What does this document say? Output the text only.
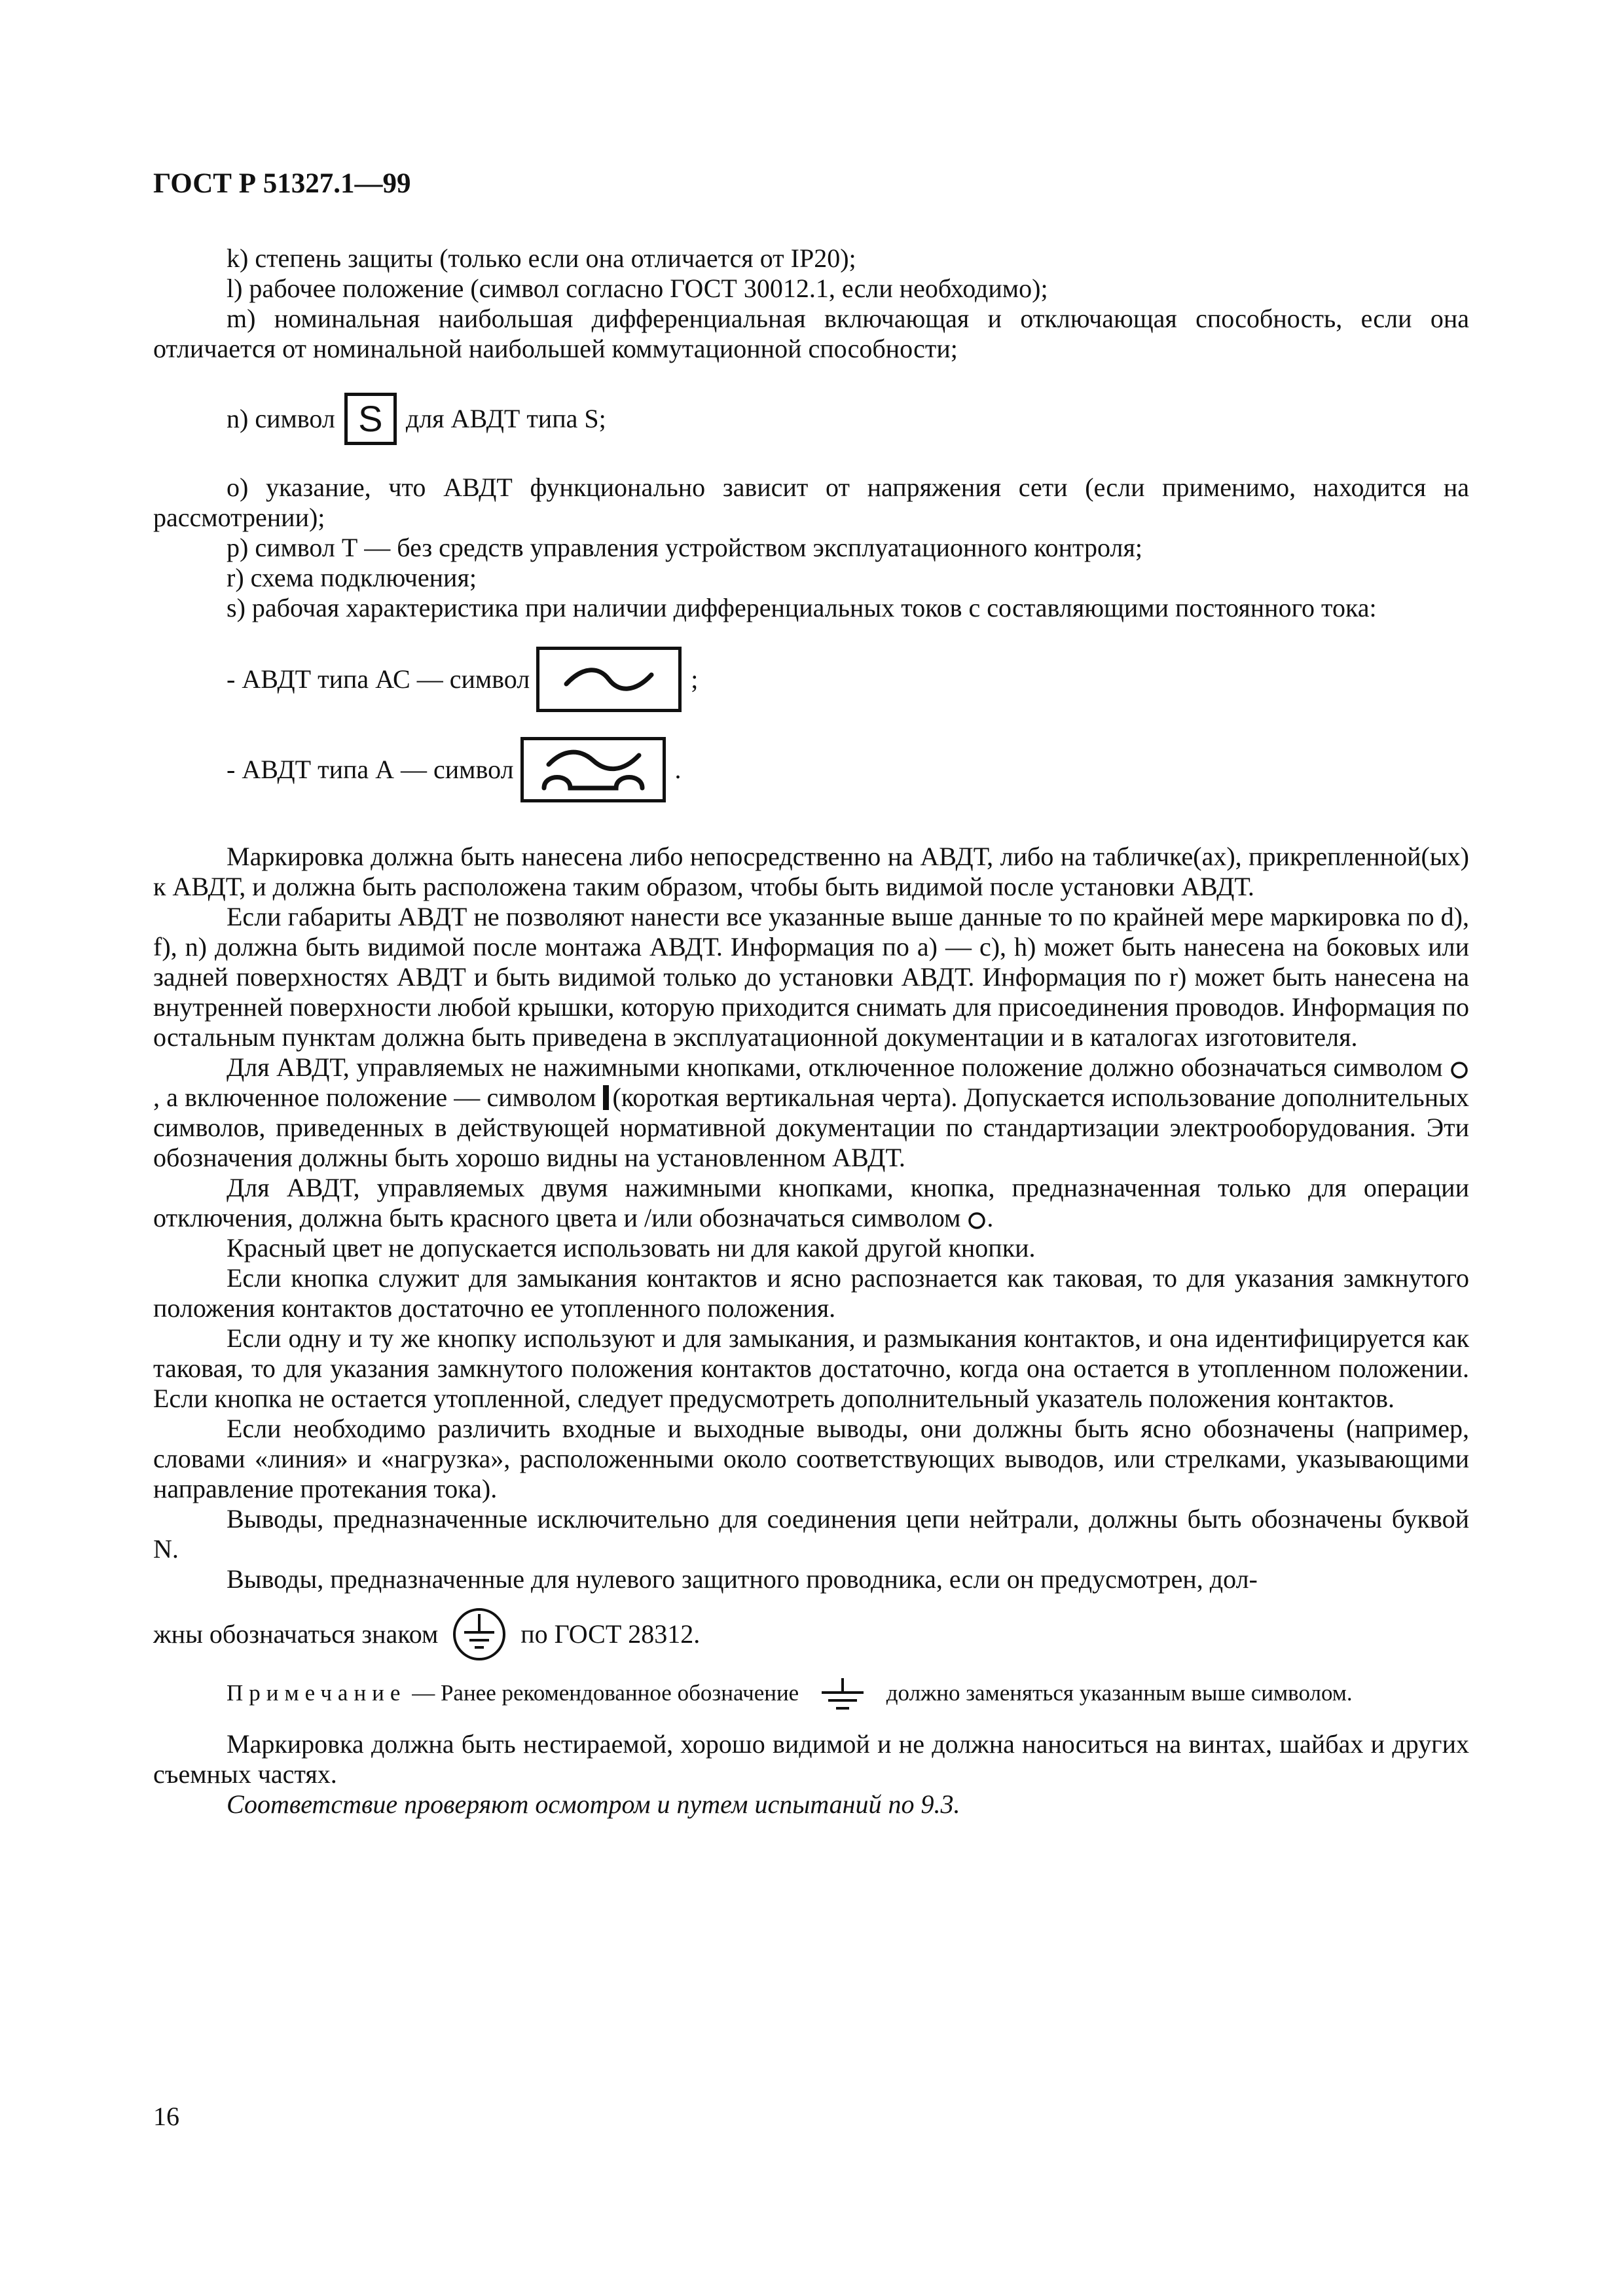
ГОСТ Р 51327.1—99

k) степень защиты (только если она отличается от IP20);

l) рабочее положение (символ согласно ГОСТ 30012.1, если необходимо);

m) номинальная наибольшая дифференциальная включающая и отключающая способность, если она отличается от номинальной наибольшей коммутационной способности;

n) символ S для АВДТ типа S;

о) указание, что АВДТ функционально зависит от напряжения сети (если применимо, находится на рассмотрении);

р) символ Т — без средств управления устройством эксплуатационного контроля;

r) схема подключения;

s) рабочая характеристика при наличии дифференциальных токов с составляющими постоянного тока:

- АВДТ типа АС — символ	;
- АВДТ типа А — символ	.

Маркировка должна быть нанесена либо непосредственно на АВДТ, либо на табличке(ах), прикрепленной(ых) к АВДТ, и должна быть расположена таким образом, чтобы быть видимой после установки АВДТ.

Если габариты АВДТ не позволяют нанести все указанные выше данные то по крайней мере маркировка по d), f), n) должна быть видимой после монтажа АВДТ. Информация по а) — с), h) может быть нанесена на боковых или задней поверхностях АВДТ и быть видимой только до установки АВДТ. Информация по r) может быть нанесена на внутренней поверхности любой крышки, которую приходится снимать для присоединения проводов. Информация по остальным пунктам должна быть приведена в эксплуатационной документации и в каталогах изготовителя.

Для АВДТ, управляемых не нажимными кнопками, отключенное положение должно обозначаться символом , а включенное положение — символом (короткая вертикальная черта). Допускается использование дополнительных символов, приведенных в действующей нормативной документации по стандартизации электрооборудования. Эти обозначения должны быть хорошо видны на установленном АВДТ.

Для АВДТ, управляемых двумя нажимными кнопками, кнопка, предназначенная только для операции отключения, должна быть красного цвета и /или обозначаться символом .

Красный цвет не допускается использовать ни для какой другой кнопки.

Если кнопка служит для замыкания контактов и ясно распознается как таковая, то для указания замкнутого положения контактов достаточно ее утопленного положения.

Если одну и ту же кнопку используют и для замыкания, и размыкания контактов, и она идентифицируется как таковая, то для указания замкнутого положения контактов достаточно, когда она остается в утопленном положении. Если кнопка не остается утопленной, следует предусмотреть дополнительный указатель положения контактов.

Если необходимо различить входные и выходные выводы, они должны быть ясно обозначены (например, словами «линия» и «нагрузка», расположенными около соответствующих выводов, или стрелками, указывающими направление протекания тока).

Выводы, предназначенные исключительно для соединения цепи нейтрали, должны быть обозначены буквой N.

Выводы, предназначенные для нулевого защитного проводника, если он предусмотрен, дол-

жны обозначаться знаком	по ГОСТ 28312.

Примечание — Ранее рекомендованное обозначение	должно заменяться указанным выше символом.

Маркировка должна быть нестираемой, хорошо видимой и не должна наноситься на винтах, шайбах и других съемных частях.

Соответствие проверяют осмотром и путем испытаний по 9.3.

16
